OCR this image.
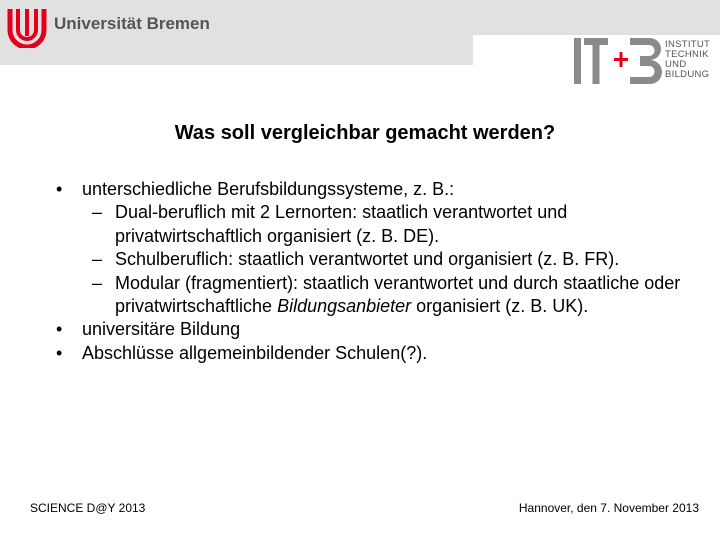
Universität Bremen
INSTITUT
TECHNIK
UND
BILDUNG
Was soll vergleichbar gemacht werden?
• unterschiedliche Berufsbildungssysteme, z. B.:
– Dual-beruflich mit 2 Lernorten: staatlich verantwortet und privatwirtschaftlich organisiert (z. B. DE).
– Schulberuflich: staatlich verantwortet und organisiert (z. B. FR).
– Modular (fragmentiert): staatlich verantwortet und durch staatliche oder privatwirtschaftliche Bildungsanbieter organisiert (z. B. UK).
• universitäre Bildung
• Abschlüsse allgemeinbildender Schulen(?).
SCIENCE D@Y 2013	Hannover, den 7. November 2013
